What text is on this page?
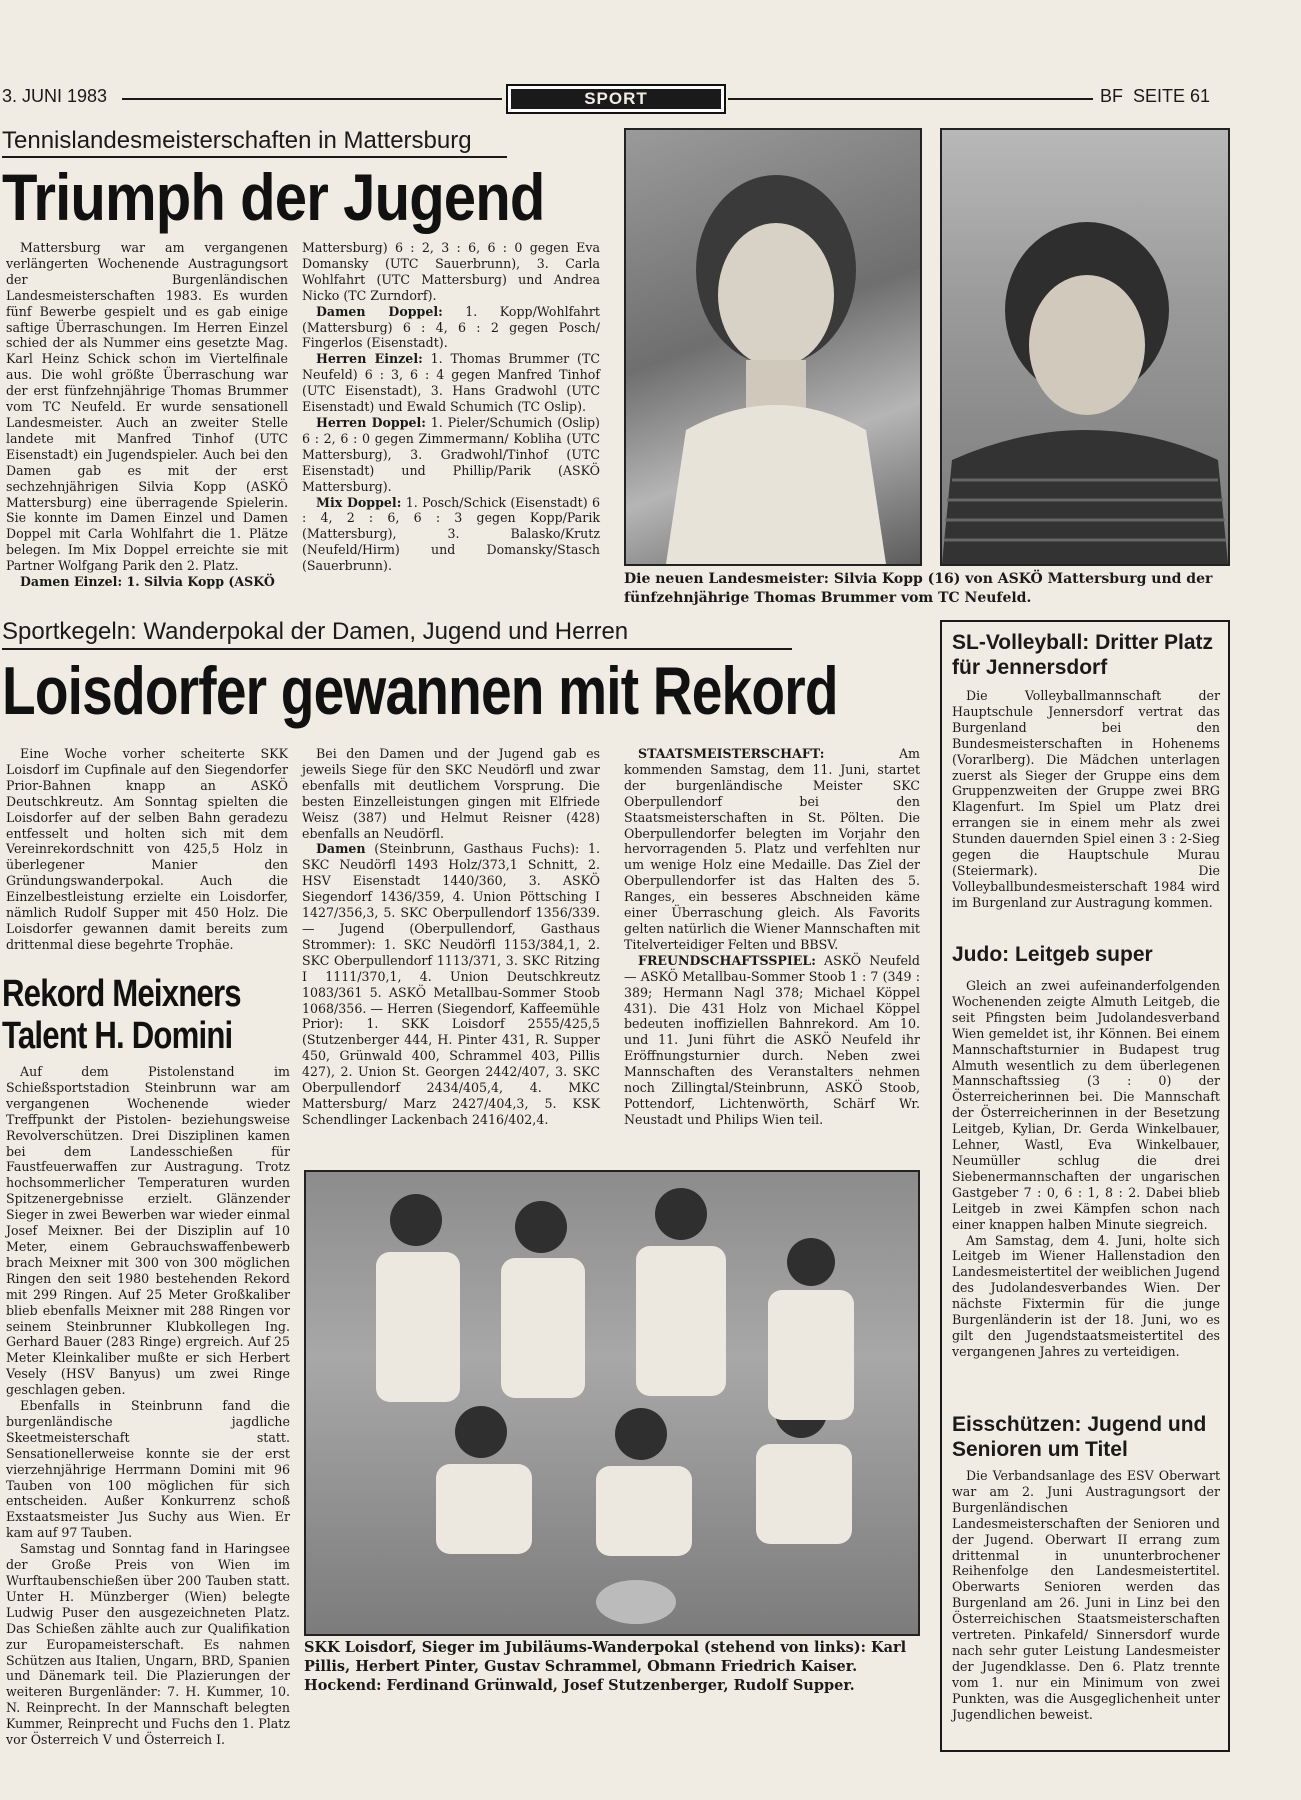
3. JUNI 1983	SPORT	BF  SEITE 61
Tennislandesmeisterschaften in Mattersburg
Triumph der Jugend

Mattersburg war am vergangenen verlängerten Wochenende Austragungsort der Burgenländischen Landesmeisterschaften 1983. Es wurden fünf Bewerbe gespielt und es gab einige saftige Überraschungen. Im Herren Einzel schied der als Nummer eins gesetzte Mag. Karl Heinz Schick schon im Viertelfinale aus. Die wohl größte Überraschung war der erst fünfzehnjährige Thomas Brummer vom TC Neufeld. Er wurde sensationell Landesmeister. Auch an zweiter Stelle landete mit Manfred Tinhof (UTC Eisenstadt) ein Jugendspieler. Auch bei den Damen gab es mit der erst sechzehnjährigen Silvia Kopp (ASKÖ Mattersburg) eine überragende Spielerin. Sie konnte im Damen Einzel und Damen Doppel mit Carla Wohlfahrt die 1. Plätze belegen. Im Mix Doppel erreichte sie mit Partner Wolfgang Parik den 2. Platz.

Damen Einzel: 1. Silvia Kopp (ASKÖ

Mattersburg) 6 : 2, 3 : 6, 6 : 0 gegen Eva Domansky (UTC Sauerbrunn), 3. Carla Wohlfahrt (UTC Mattersburg) und Andrea Nicko (TC Zurndorf).

Damen Doppel: 1. Kopp/Wohlfahrt (Mattersburg) 6 : 4, 6 : 2 gegen Posch/ Fingerlos (Eisenstadt).

Herren Einzel: 1. Thomas Brummer (TC Neufeld) 6 : 3, 6 : 4 gegen Manfred Tinhof (UTC Eisenstadt), 3. Hans Gradwohl (UTC Eisenstadt) und Ewald Schumich (TC Oslip).

Herren Doppel: 1. Pieler/Schumich (Oslip) 6 : 2, 6 : 0 gegen Zimmermann/ Kobliha (UTC Mattersburg), 3. Gradwohl/Tinhof (UTC Eisenstadt) und Phillip/Parik (ASKÖ Mattersburg).

Mix Doppel: 1. Posch/Schick (Eisenstadt) 6 : 4, 2 : 6, 6 : 3 gegen Kopp/Parik (Mattersburg), 3. Balasko/Krutz (Neufeld/Hirm) und Domansky/Stasch (Sauerbrunn).

Die neuen Landesmeister: Silvia Kopp (16) von ASKÖ Mattersburg und der fünfzehnjährige Thomas Brummer vom TC Neufeld.
Sportkegeln: Wanderpokal der Damen, Jugend und Herren
Loisdorfer gewannen mit Rekord

Eine Woche vorher scheiterte SKK Loisdorf im Cupfinale auf den Siegendorfer Prior-Bahnen knapp an ASKÖ Deutschkreutz. Am Sonntag spielten die Loisdorfer auf der selben Bahn geradezu entfesselt und holten sich mit dem Vereinrekordschnitt von 425,5 Holz in überlegener Manier den Gründungswanderpokal. Auch die Einzelbestleistung erzielte ein Loisdorfer, nämlich Rudolf Supper mit 450 Holz. Die Loisdorfer gewannen damit bereits zum drittenmal diese begehrte Trophäe.

Bei den Damen und der Jugend gab es jeweils Siege für den SKC Neudörfl und zwar ebenfalls mit deutlichem Vorsprung. Die besten Einzelleistungen gingen mit Elfriede Weisz (387) und Helmut Reisner (428) ebenfalls an Neudörfl.

Damen (Steinbrunn, Gasthaus Fuchs): 1. SKC Neudörfl 1493 Holz/373,1 Schnitt, 2. HSV Eisenstadt 1440/360, 3. ASKÖ Siegendorf 1436/359, 4. Union Pöttsching I 1427/356,3, 5. SKC Oberpullendorf 1356/339. — Jugend (Oberpullendorf, Gasthaus Strommer): 1. SKC Neudörfl 1153/384,1, 2. SKC Oberpullendorf 1113/371, 3. SKC Ritzing I 1111/370,1, 4. Union Deutschkreutz 1083/361 5. ASKÖ Metallbau-Sommer Stoob 1068/356. — Herren (Siegendorf, Kaffeemühle Prior): 1. SKK Loisdorf 2555/425,5 (Stutzenberger 444, H. Pinter 431, R. Supper 450, Grünwald 400, Schrammel 403, Pillis 427), 2. Union St. Georgen 2442/407, 3. SKC Oberpullendorf 2434/405,4, 4. MKC Mattersburg/ Marz 2427/404,3, 5. KSK Schendlinger Lackenbach 2416/402,4.

STAATSMEISTERSCHAFT:	Am kommenden Samstag, dem 11. Juni, startet der burgenländische Meister SKC Oberpullendorf bei den Staatsmeisterschaften in St. Pölten. Die Oberpullendorfer belegten im Vorjahr den hervorragenden 5. Platz und verfehlten nur um wenige Holz eine Medaille. Das Ziel der Oberpullendorfer ist das Halten des 5. Ranges, ein besseres Abschneiden käme einer Überraschung gleich. Als Favorits gelten natürlich die Wiener Mannschaften mit Titelverteidiger Felten und BBSV.

FREUNDSCHAFTSSPIEL: ASKÖ Neufeld — ASKÖ Metallbau-Sommer Stoob 1 : 7 (349 : 389; Hermann Nagl 378; Michael Köppel 431). Die 431 Holz von Michael Köppel bedeuten inoffiziellen Bahnrekord. Am 10. und 11. Juni führt die ASKÖ Neufeld ihr Eröffnungsturnier durch. Neben zwei Mannschaften des Veranstalters nehmen noch Zillingtal/Steinbrunn, ASKÖ Stoob, Pottendorf, Lichtenwörth, Schärf Wr. Neustadt und Philips Wien teil.

Rekord Meixners
Talent H. Domini

Auf dem Pistolenstand im Schießsportstadion Steinbrunn war am vergangenen Wochenende wieder Treffpunkt der Pistolen- beziehungsweise Revolverschützen. Drei Disziplinen kamen bei dem Landesschießen für Faustfeuerwaffen zur Austragung. Trotz hochsommerlicher Temperaturen wurden Spitzenergebnisse erzielt. Glänzender Sieger in zwei Bewerben war wieder einmal Josef Meixner. Bei der Disziplin auf 10 Meter, einem Gebrauchswaffenbewerb brach Meixner mit 300 von 300 möglichen Ringen den seit 1980 bestehenden Rekord mit 299 Ringen. Auf 25 Meter Großkaliber blieb ebenfalls Meixner mit 288 Ringen vor seinem Steinbrunner Klubkollegen Ing. Gerhard Bauer (283 Ringe) ergreich. Auf 25 Meter Kleinkaliber mußte er sich Herbert Vesely (HSV Banyus) um zwei Ringe geschlagen geben.

Ebenfalls in Steinbrunn fand die burgenländische jagdliche Skeetmeisterschaft statt. Sensationellerweise konnte sie der erst vierzehnjährige Herrmann Domini mit 96 Tauben von 100 möglichen für sich entscheiden. Außer Konkurrenz schoß Exstaatsmeister Jus Suchy aus Wien. Er kam auf 97 Tauben.

Samstag und Sonntag fand in Haringsee der Große Preis von Wien im Wurftaubenschießen über 200 Tauben statt. Unter H. Münzberger (Wien) belegte Ludwig Puser den ausgezeichneten Platz. Das Schießen zählte auch zur Qualifikation zur Europameisterschaft. Es nahmen Schützen aus Italien, Ungarn, BRD, Spanien und Dänemark teil. Die Plazierungen der weiteren Burgenländer: 7. H. Kummer, 10. N. Reinprecht. In der Mannschaft belegten Kummer, Reinprecht und Fuchs den 1. Platz vor Österreich V und Österreich I.

SKK Loisdorf, Sieger im Jubiläums-Wanderpokal (stehend von links): Karl Pillis, Herbert Pinter, Gustav Schrammel, Obmann Friedrich Kaiser. Hockend: Ferdinand Grünwald, Josef Stutzenberger, Rudolf Supper.
SL-Volleyball: Dritter Platz für Jennersdorf

Die Volleyballmannschaft der Hauptschule Jennersdorf vertrat das Burgenland bei den Bundesmeisterschaften in Hohenems (Vorarlberg). Die Mädchen unterlagen zuerst als Sieger der Gruppe eins dem Gruppenzweiten der Gruppe zwei BRG Klagenfurt. Im Spiel um Platz drei errangen sie in einem mehr als zwei Stunden dauernden Spiel einen 3 : 2-Sieg gegen die Hauptschule Murau (Steiermark). Die Volleyballbundesmeisterschaft 1984 wird im Burgenland zur Austragung kommen.

Judo: Leitgeb super

Gleich an zwei aufeinanderfolgenden Wochenenden zeigte Almuth Leitgeb, die seit Pfingsten beim Judolandesverband Wien gemeldet ist, ihr Können. Bei einem Mannschaftsturnier in Budapest trug Almuth wesentlich zu dem überlegenen Mannschaftssieg (3 : 0) der Österreicherinnen bei. Die Mannschaft der Österreicherinnen in der Besetzung Leitgeb, Kylian, Dr. Gerda Winkelbauer, Lehner, Wastl, Eva Winkelbauer, Neumüller schlug die drei Siebenermannschaften der ungarischen Gastgeber 7 : 0, 6 : 1, 8 : 2. Dabei blieb Leitgeb in zwei Kämpfen schon nach einer knappen halben Minute siegreich.

Am Samstag, dem 4. Juni, holte sich Leitgeb im Wiener Hallenstadion den Landesmeistertitel der weiblichen Jugend des Judolandesverbandes Wien. Der nächste Fixtermin für die junge Burgenländerin ist der 18. Juni, wo es gilt den Jugendstaatsmeistertitel des vergangenen Jahres zu verteidigen.

Eisschützen: Jugend und Senioren um Titel

Die Verbandsanlage des ESV Oberwart war am 2. Juni Austragungsort der Burgenländischen Landesmeisterschaften der Senioren und der Jugend. Oberwart II errang zum drittenmal in ununterbrochener Reihenfolge den Landesmeistertitel. Oberwarts Senioren werden das Burgenland am 26. Juni in Linz bei den Österreichischen Staatsmeisterschaften vertreten. Pinkafeld/ Sinnersdorf wurde nach sehr guter Leistung Landesmeister der Jugendklasse. Den 6. Platz trennte vom 1. nur ein Minimum von zwei Punkten, was die Ausgeglichenheit unter Jugendlichen beweist.
